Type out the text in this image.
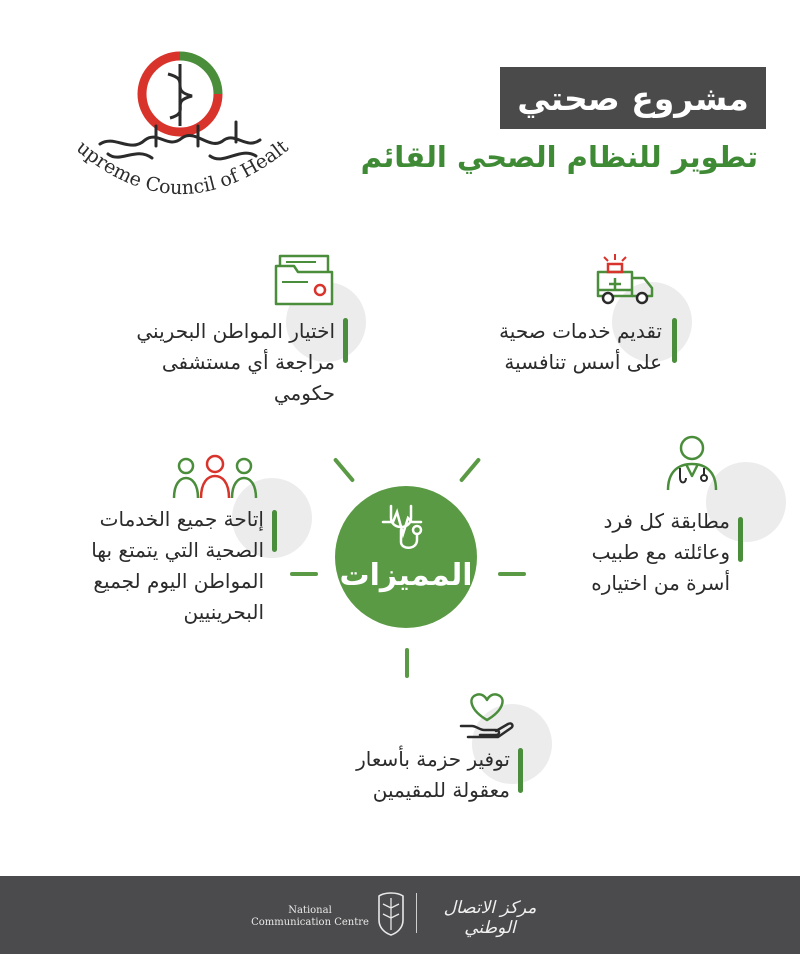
مشروع صحتي
تطوير للنظام الصحي القائم
Supreme Council of Health
المميزات
تقديم خدمات صحية
على أسس تنافسية
اختيار المواطن البحريني
مراجعة أي مستشفى
حكومي
مطابقة كل فرد
وعائلته مع طبيب
أسرة من اختياره
إتاحة جميع الخدمات
الصحية التي يتمتع بها
المواطن اليوم لجميع
البحرينيين
توفير حزمة بأسعار
معقولة للمقيمين
National
Communication Centre
مركز الاتصال الوطني
